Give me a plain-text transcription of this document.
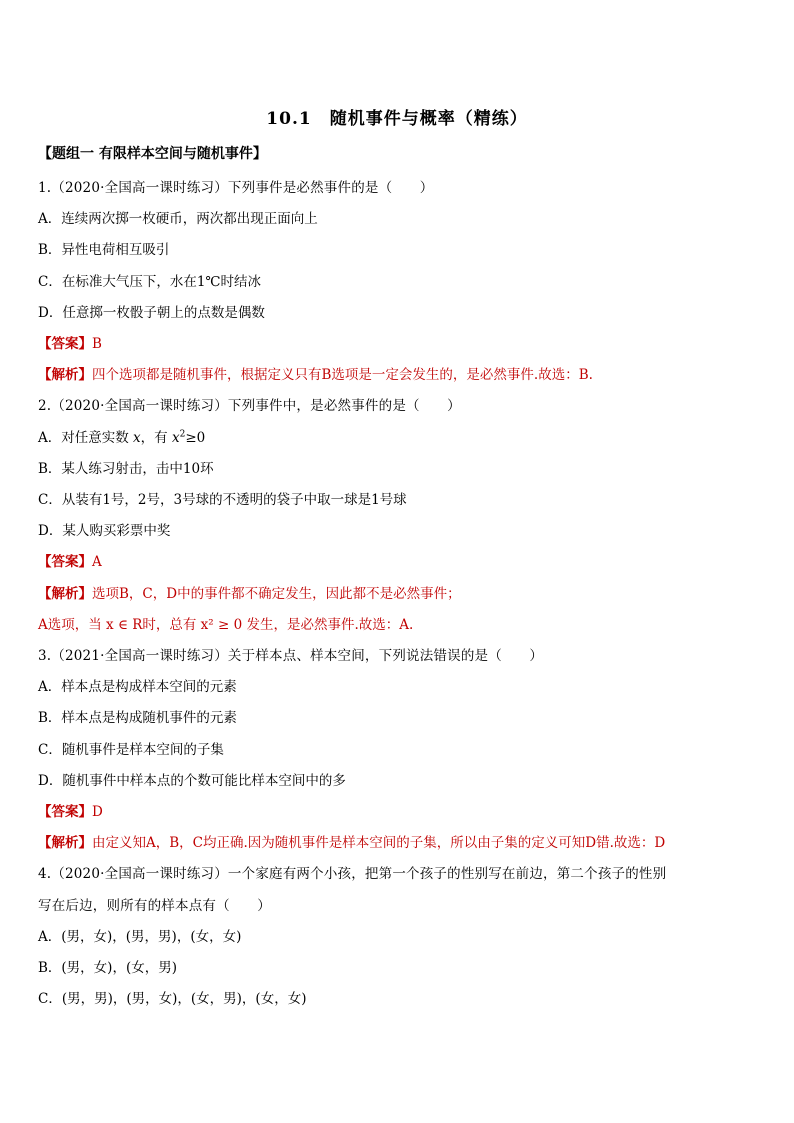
10.1　随机事件与概率（精练）
【题组一 有限样本空间与随机事件】
1.（2020·全国高一课时练习）下列事件是必然事件的是（　　）
A．连续两次掷一枚硬币，两次都出现正面向上
B．异性电荷相互吸引
C．在标准大气压下，水在1℃时结冰
D．任意掷一枚骰子朝上的点数是偶数
【答案】B
【解析】四个选项都是随机事件，根据定义只有B选项是一定会发生的，是必然事件.故选：B.
2.（2020·全国高一课时练习）下列事件中，是必然事件的是（　　）
A．对任意实数 x，有 $x^2\ge 0$
B．某人练习射击，击中10环
C．从装有1号，2号，3号球的不透明的袋子中取一球是1号球
D．某人购买彩票中奖
【答案】A
【解析】选项B，C，D中的事件都不确定发生，因此都不是必然事件；
A选项，当 x ∈ R时，总有 x² ≥ 0 发生，是必然事件.故选：A.
3.（2021·全国高一课时练习）关于样本点、样本空间，下列说法错误的是（　　）
A．样本点是构成样本空间的元素
B．样本点是构成随机事件的元素
C．随机事件是样本空间的子集
D．随机事件中样本点的个数可能比样本空间中的多
【答案】D
【解析】由定义知A，B，C均正确.因为随机事件是样本空间的子集，所以由子集的定义可知D错.故选：D
4.（2020·全国高一课时练习）一个家庭有两个小孩，把第一个孩子的性别写在前边，第二个孩子的性别
写在后边，则所有的样本点有（　　）
A．(男，女)，(男，男)，(女，女)
B．(男，女)，(女，男)
C．(男，男)，(男，女)，(女，男)，(女，女)
